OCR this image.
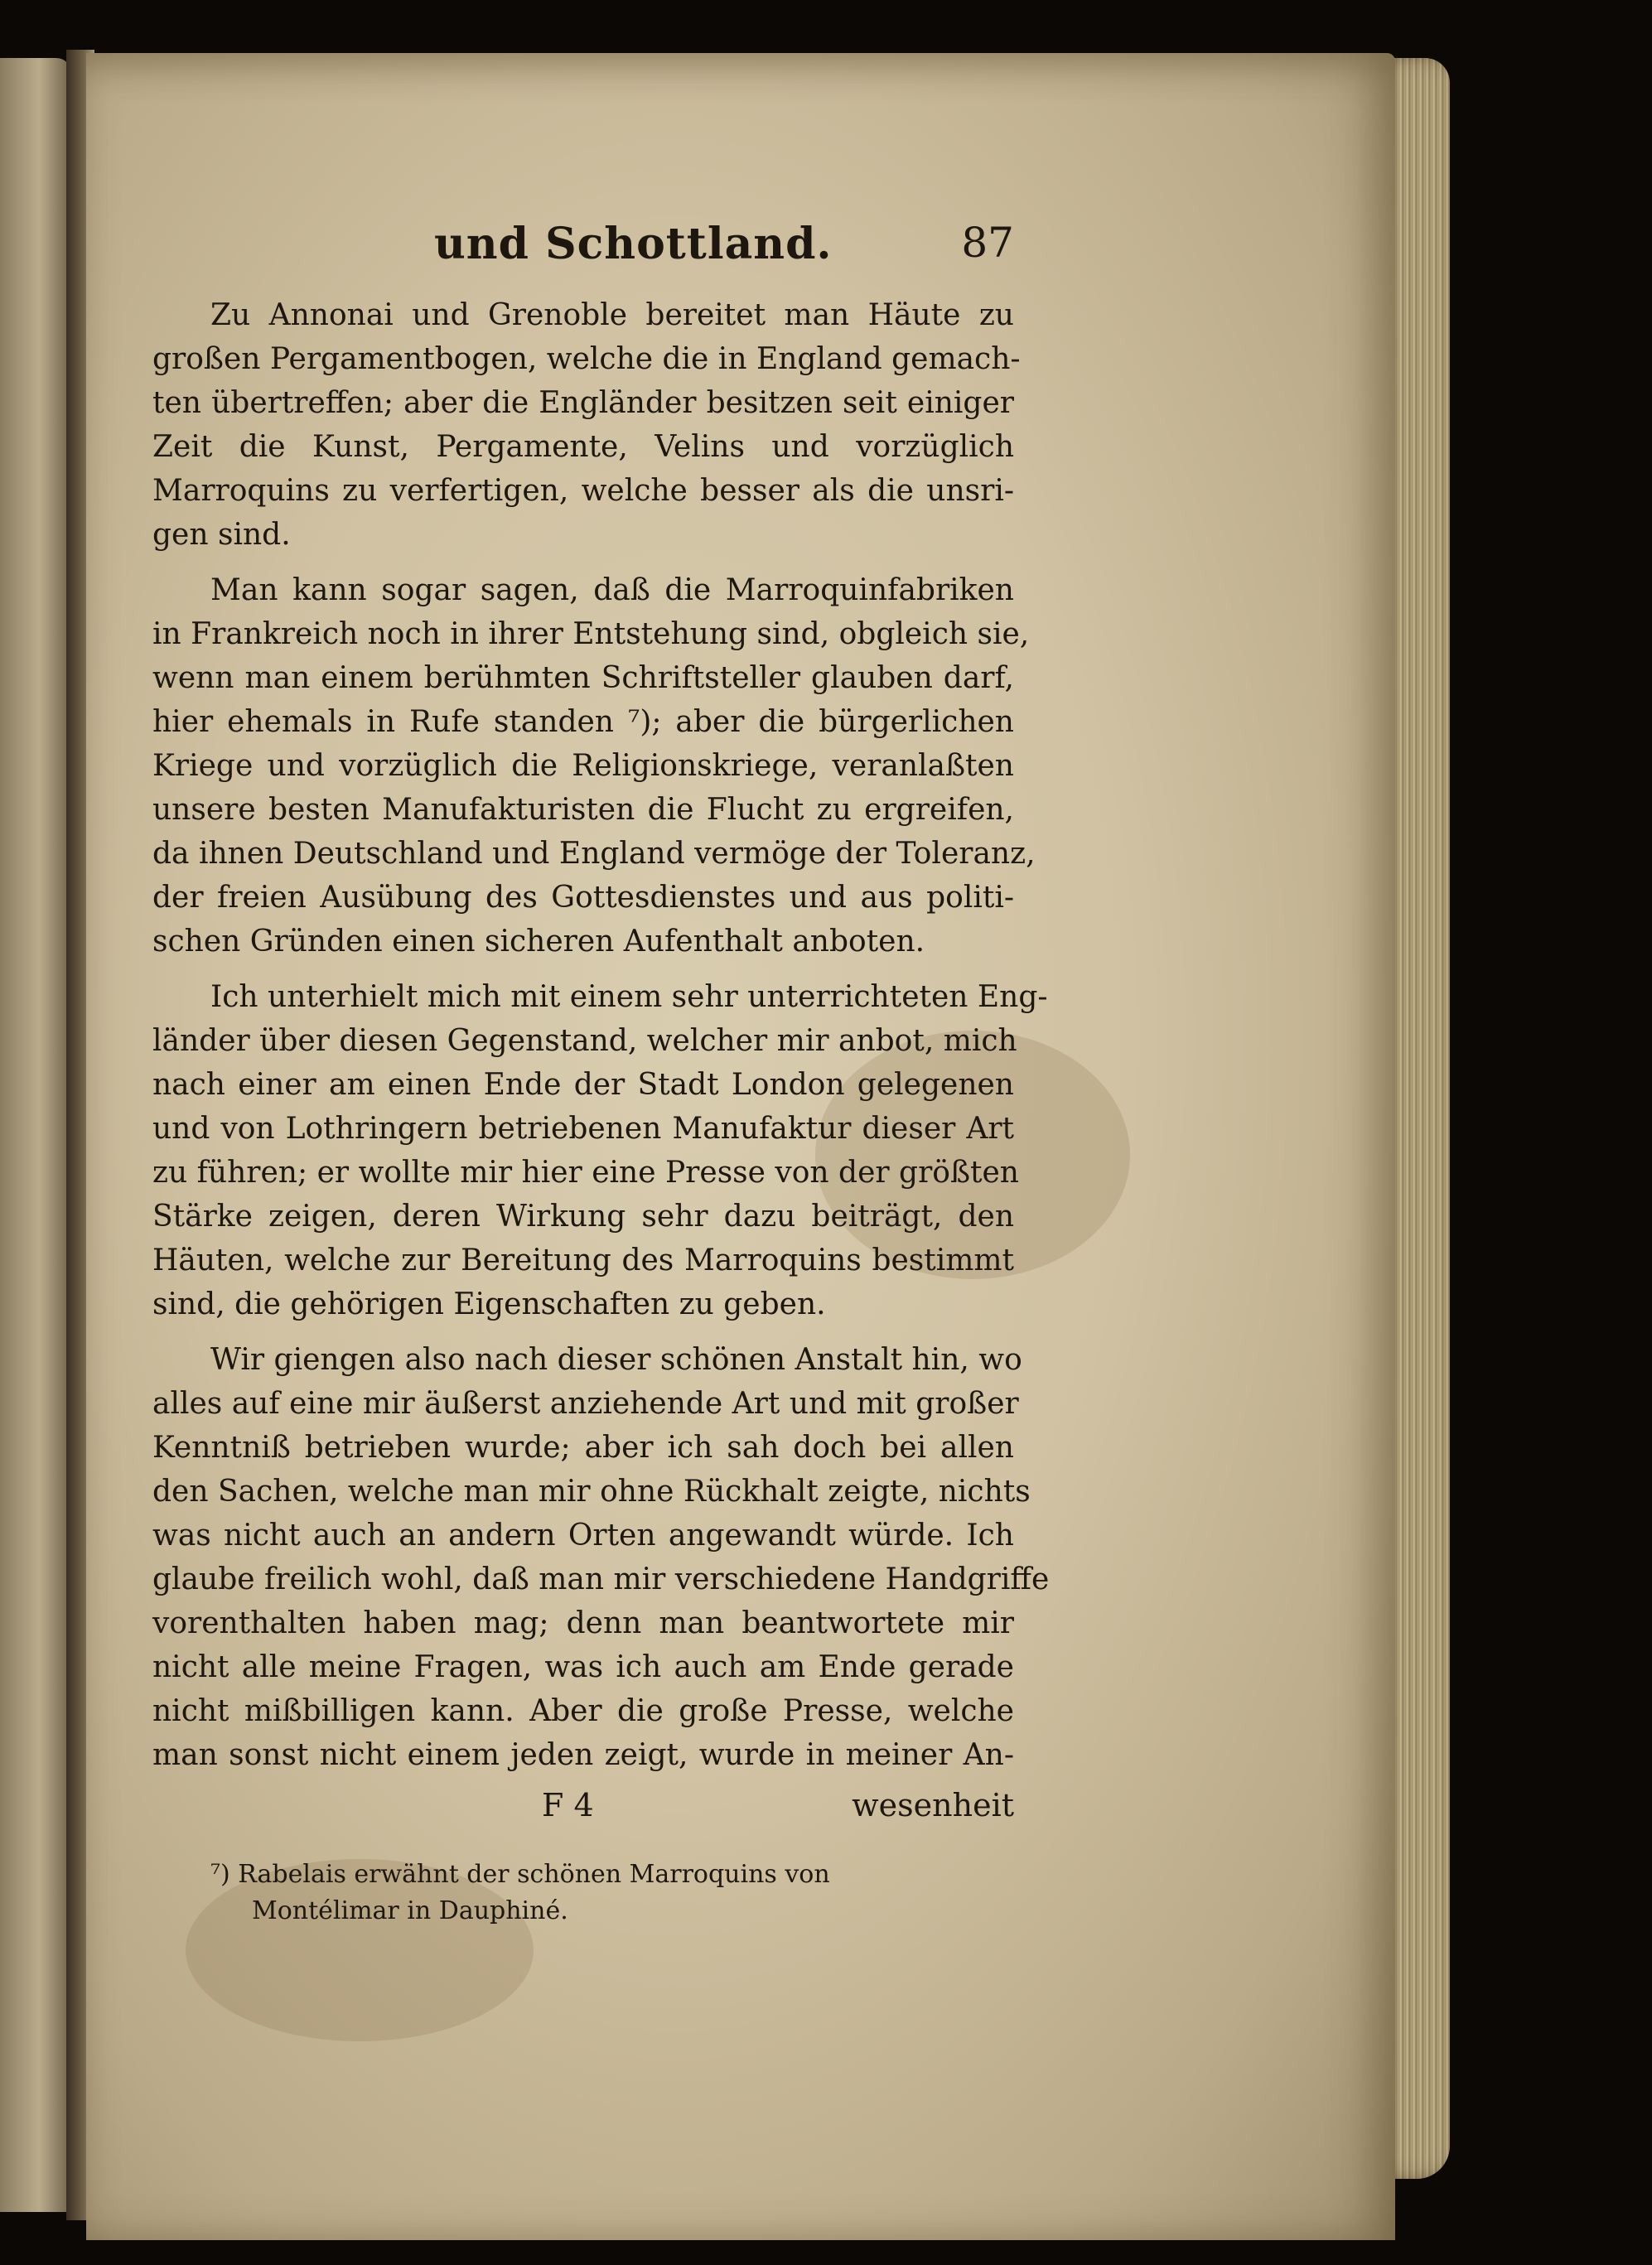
und Schottland.	87
Zu Annonai und Grenoble bereitet man Häute zu
großen Pergamentbogen, welche die in England gemach-
ten übertreffen; aber die Engländer besitzen seit einiger
Zeit die Kunst, Pergamente, Velins und vorzüglich
Marroquins zu verfertigen, welche besser als die unsri-
gen sind.
Man kann sogar sagen, daß die Marroquinfabriken
in Frankreich noch in ihrer Entstehung sind, obgleich sie,
wenn man einem berühmten Schriftsteller glauben darf,
hier ehemals in Rufe standen ⁷); aber die bürgerlichen
Kriege und vorzüglich die Religionskriege, veranlaßten
unsere besten Manufakturisten die Flucht zu ergreifen,
da ihnen Deutschland und England vermöge der Toleranz,
der freien Ausübung des Gottesdienstes und aus politi-
schen Gründen einen sicheren Aufenthalt anboten.
Ich unterhielt mich mit einem sehr unterrichteten Eng-
länder über diesen Gegenstand, welcher mir anbot, mich
nach einer am einen Ende der Stadt London gelegenen
und von Lothringern betriebenen Manufaktur dieser Art
zu führen; er wollte mir hier eine Presse von der größten
Stärke zeigen, deren Wirkung sehr dazu beiträgt, den
Häuten, welche zur Bereitung des Marroquins bestimmt
sind, die gehörigen Eigenschaften zu geben.
Wir giengen also nach dieser schönen Anstalt hin, wo
alles auf eine mir äußerst anziehende Art und mit großer
Kenntniß betrieben wurde; aber ich sah doch bei allen
den Sachen, welche man mir ohne Rückhalt zeigte, nichts
was nicht auch an andern Orten angewandt würde. Ich
glaube freilich wohl, daß man mir verschiedene Handgriffe
vorenthalten haben mag; denn man beantwortete mir
nicht alle meine Fragen, was ich auch am Ende gerade
nicht mißbilligen kann. Aber die große Presse, welche
man sonst nicht einem jeden zeigt, wurde in meiner An-
F 4	wesenheit
⁷) Rabelais erwähnt der schönen Marroquins von
Montélimar in Dauphiné.
